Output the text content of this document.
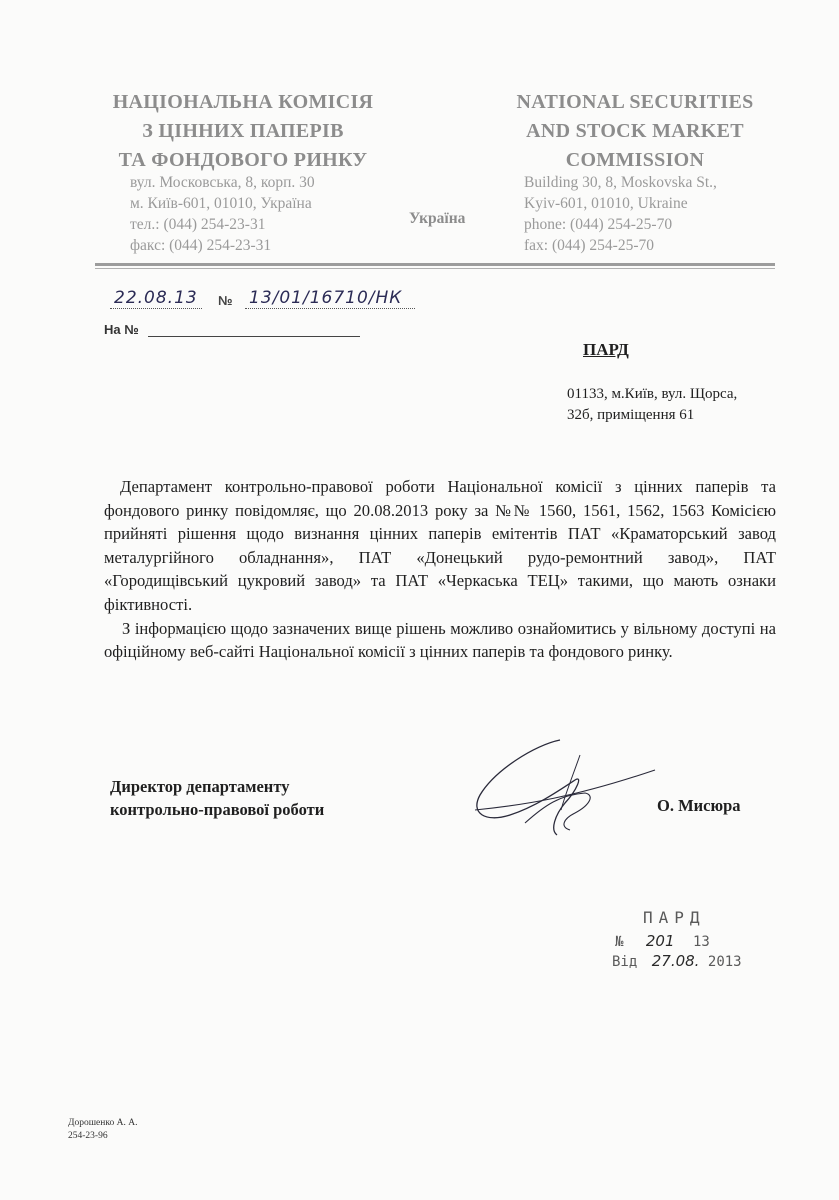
НАЦІОНАЛЬНА КОМІСІЯ
З ЦІННИХ ПАПЕРІВ
ТА ФОНДОВОГО РИНКУ
вул. Московська, 8, корп. 30
м. Київ-601, 01010, Україна
тел.: (044) 254-23-31
факс: (044) 254-23-31
Україна
NATIONAL SECURITIES
AND STOCK MARKET
COMMISSION
Building 30, 8, Moskovska St.,
Kyiv-601, 01010, Ukraine
phone: (044) 254-25-70
fax: (044) 254-25-70
22.08.13	№ 13/01/16710/НК
На №
ПАРД
01133, м.Київ, вул. Щорса,
32б, приміщення 61

Департамент контрольно-правової роботи Національної комісії з цінних паперів та фондового ринку повідомляє, що 20.08.2013 року за №№ 1560, 1561, 1562, 1563 Комісією прийняті рішення щодо визнання цінних паперів емітентів ПАТ «Краматорський завод металургійного обладнання», ПАТ «Донецький рудо-ремонтний завод», ПАТ «Городищівський цукровий завод» та ПАТ «Черкаська ТЕЦ» такими, що мають ознаки фіктивності.

З інформацією щодо зазначених вище рішень можливо ознайомитись у вільному доступі на офіційному веб-сайті Національної комісії з цінних паперів та фондового ринку.

Директор департаменту
контрольно-правової роботи	О. Мисюра
ПАРД
№ 201 13
Від 27.08. 2013
Дорошенко А. А.
254-23-96
